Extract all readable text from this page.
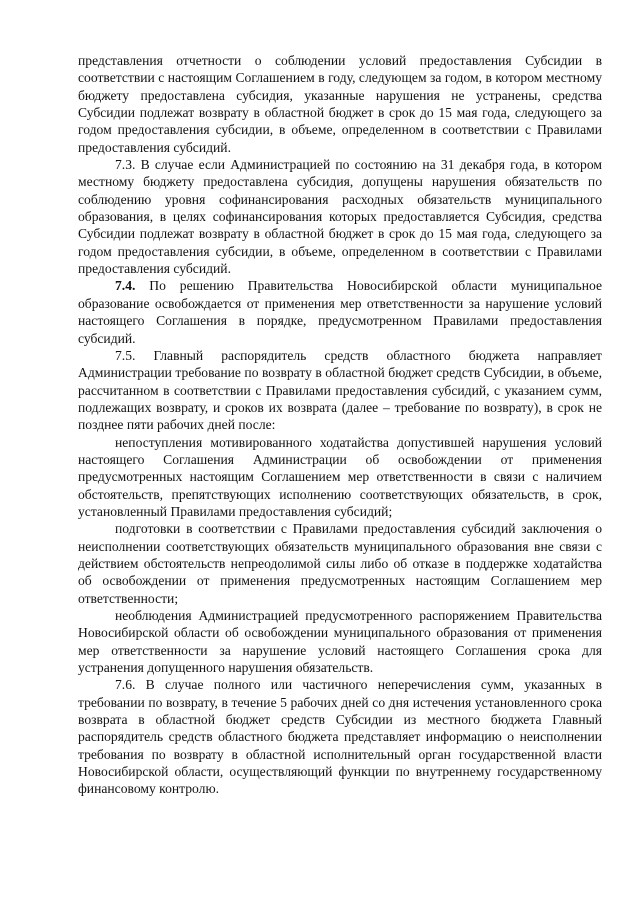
представления отчетности о соблюдении условий предоставления Субсидии в соответствии с настоящим Соглашением в году, следующем за годом, в котором местному бюджету предоставлена субсидия, указанные нарушения не устранены, средства Субсидии подлежат возврату в областной бюджет в срок до 15 мая года, следующего за годом предоставления субсидии, в объеме, определенном в соответствии с Правилами предоставления субсидий.

7.3. В случае если Администрацией по состоянию на 31 декабря года, в котором местному бюджету предоставлена субсидия, допущены нарушения обязательств по соблюдению уровня софинансирования расходных обязательств муниципального образования, в целях софинансирования которых предоставляется Субсидия, средства Субсидии подлежат возврату в областной бюджет в срок до 15 мая года, следующего за годом предоставления субсидии, в объеме, определенном в соответствии с Правилами предоставления субсидий.

7.4. По решению Правительства Новосибирской области муниципальное образование освобождается от применения мер ответственности за нарушение условий настоящего Соглашения в порядке, предусмотренном Правилами предоставления субсидий.

7.5. Главный распорядитель средств областного бюджета направляет Администрации требование по возврату в областной бюджет средств Субсидии, в объеме, рассчитанном в соответствии с Правилами предоставления субсидий, с указанием сумм, подлежащих возврату, и сроков их возврата (далее – требование по возврату), в срок не позднее пяти рабочих дней после:

непоступления мотивированного ходатайства допустившей нарушения условий настоящего Соглашения Администрации об освобождении от применения предусмотренных настоящим Соглашением мер ответственности в связи с наличием обстоятельств, препятствующих исполнению соответствующих обязательств, в срок, установленный Правилами предоставления субсидий;

подготовки в соответствии с Правилами предоставления субсидий заключения о неисполнении соответствующих обязательств муниципального образования вне связи с действием обстоятельств непреодолимой силы либо об отказе в поддержке ходатайства об освобождении от применения предусмотренных настоящим Соглашением мер ответственности;

необлюдения Администрацией предусмотренного распоряжением Правительства Новосибирской области об освобождении муниципального образования от применения мер ответственности за нарушение условий настоящего Соглашения срока для устранения допущенного нарушения обязательств.

7.6. В случае полного или частичного неперечисления сумм, указанных в требовании по возврату, в течение 5 рабочих дней со дня истечения установленного срока возврата в областной бюджет средств Субсидии из местного бюджета Главный распорядитель средств областного бюджета представляет информацию о неисполнении требования по возврату в областной исполнительный орган государственной власти Новосибирской области, осуществляющий функции по внутреннему государственному финансовому контролю.
